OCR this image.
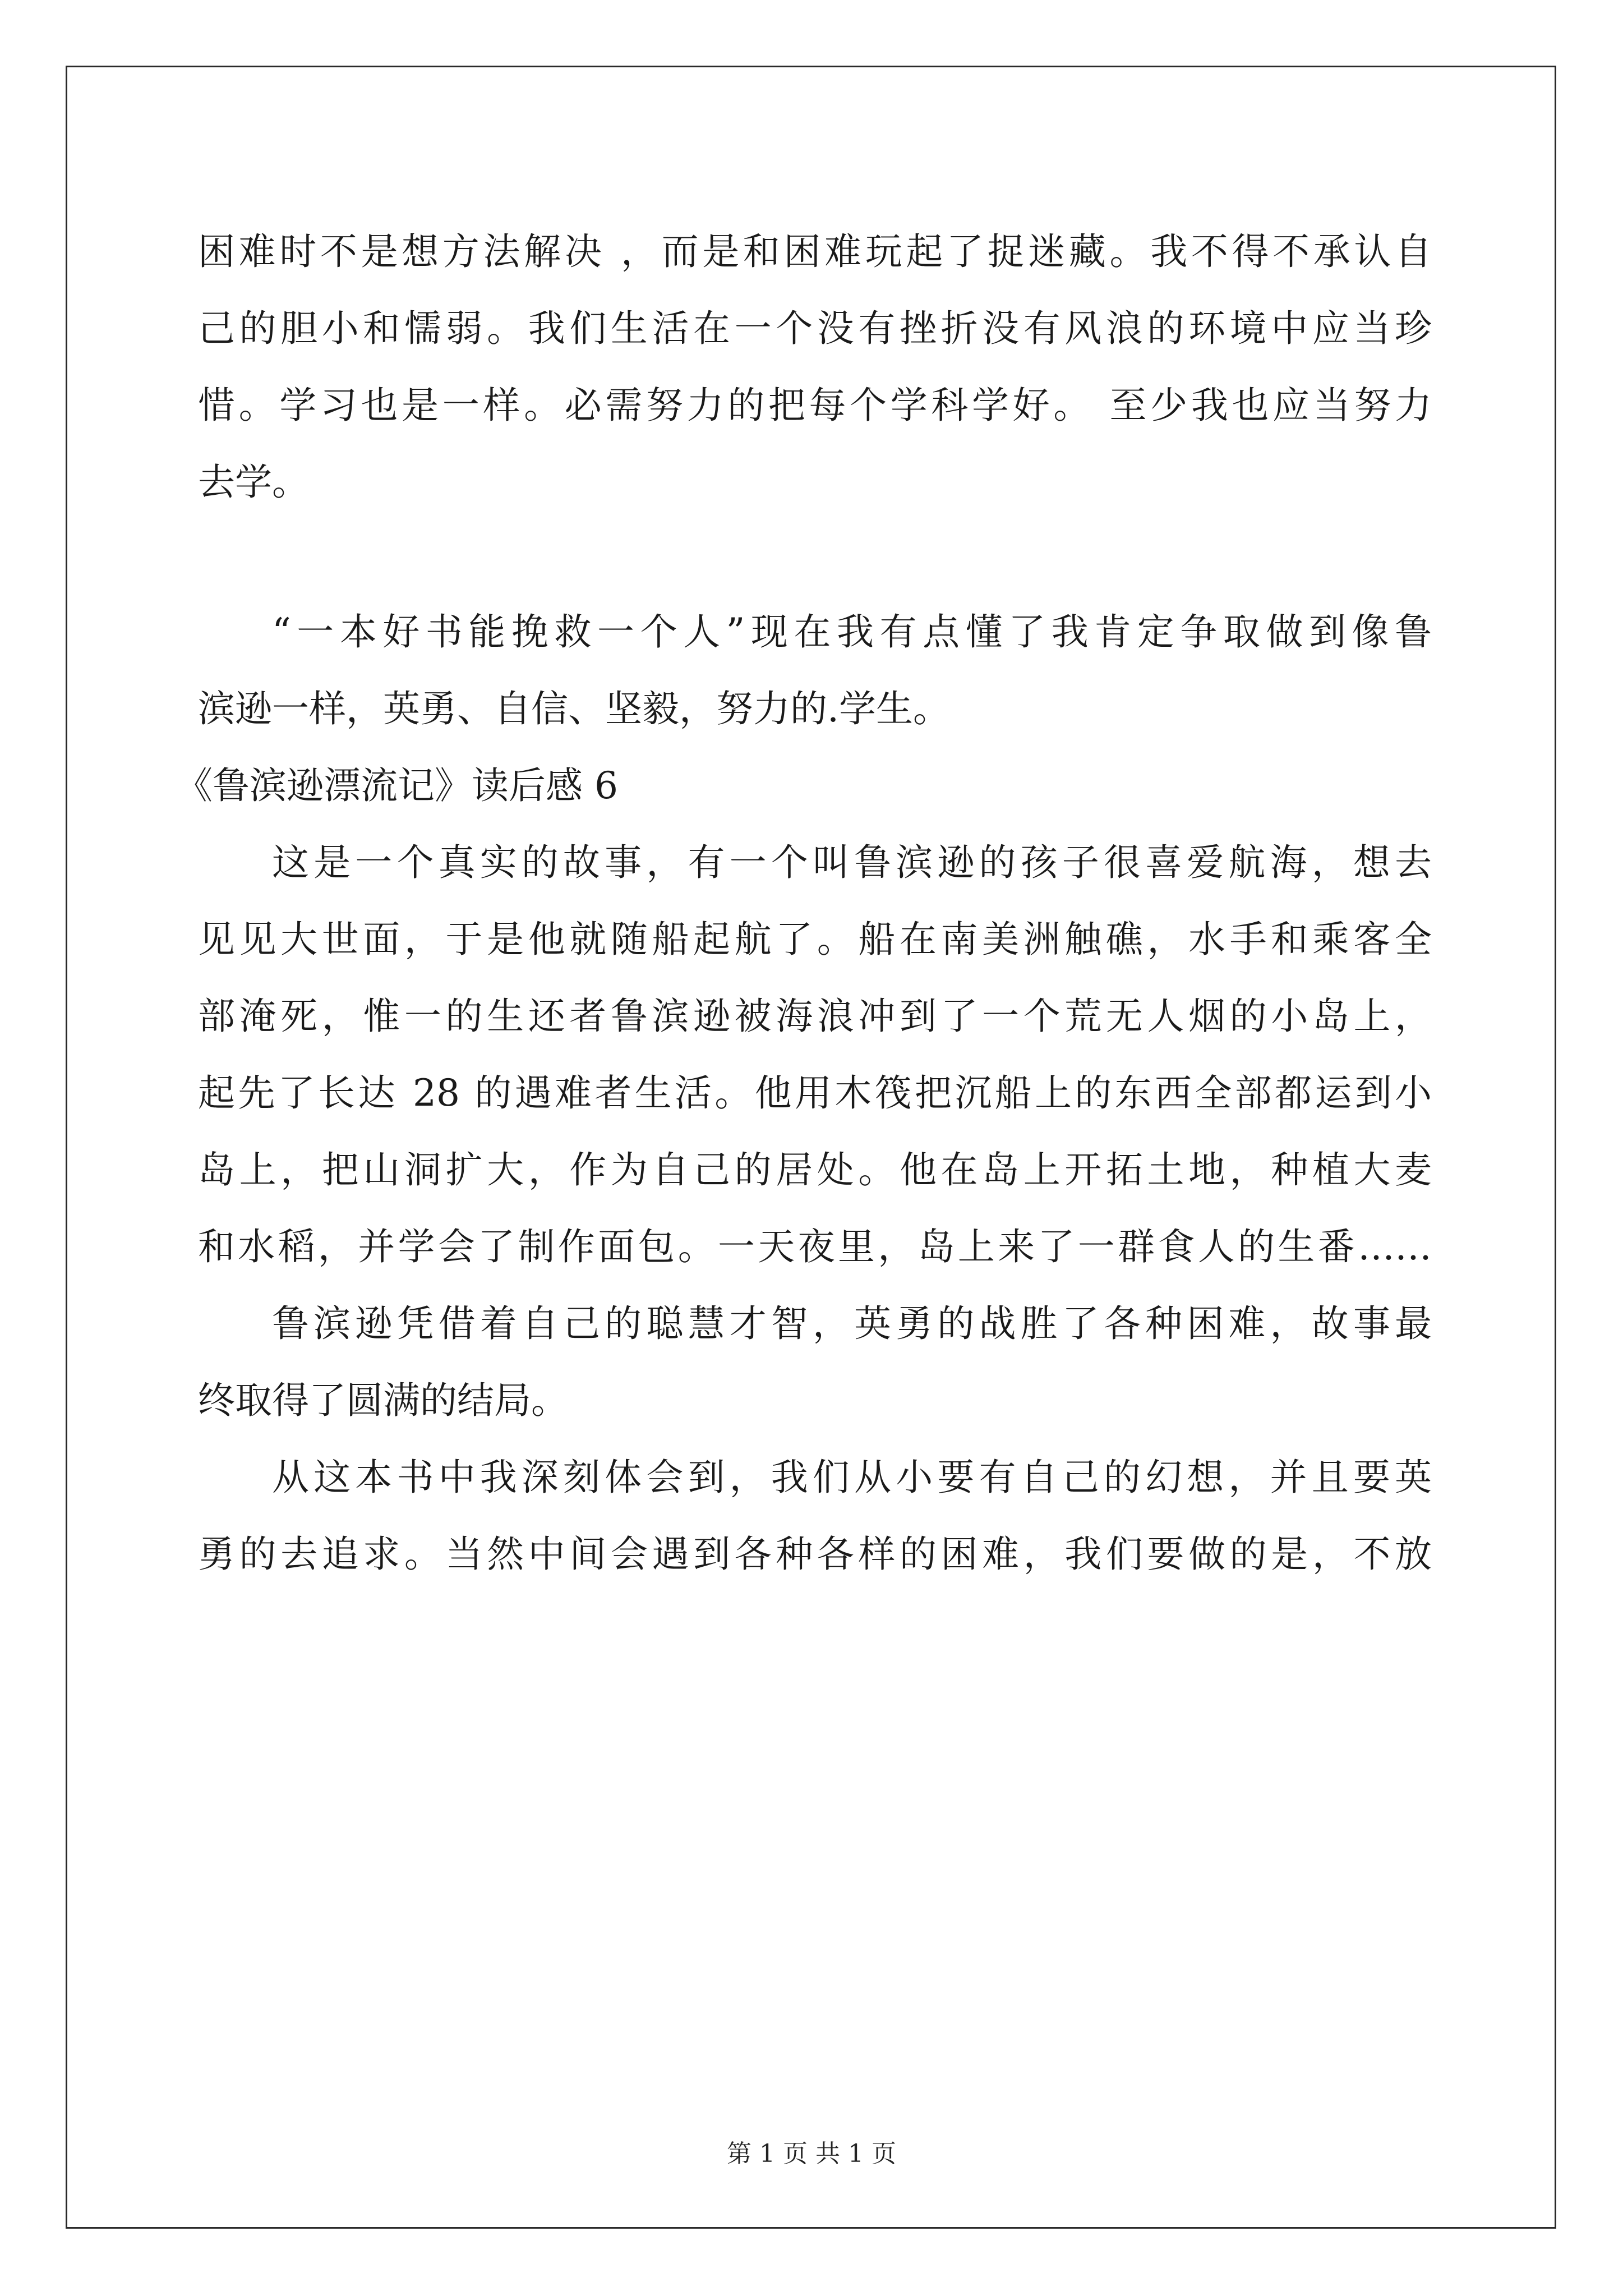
困难时不是想方法解决 ，而是和困难玩起了捉迷藏。我不得不承认自
己的胆小和懦弱。我们生活在一个没有挫折没有风浪的环境中应当珍
惜。学习也是一样。必需努力的把每个学科学好。 至少我也应当努力
去学。
“一本好书能挽救一个人”现在我有点懂了我肯定争取做到像鲁
滨逊一样，英勇、自信、坚毅，努力的.学生。
《鲁滨逊漂流记》读后感 6
这是一个真实的故事，有一个叫鲁滨逊的孩子很喜爱航海，想去
见见大世面，于是他就随船起航了。船在南美洲触礁，水手和乘客全
部淹死，惟一的生还者鲁滨逊被海浪冲到了一个荒无人烟的小岛上，
起先了长达 28 的遇难者生活。他用木筏把沉船上的东西全部都运到小
岛上，把山洞扩大，作为自己的居处。他在岛上开拓土地，种植大麦
和水稻，并学会了制作面包。一天夜里，岛上来了一群食人的生番……
鲁滨逊凭借着自己的聪慧才智，英勇的战胜了各种困难，故事最
终取得了圆满的结局。
从这本书中我深刻体会到，我们从小要有自己的幻想，并且要英
勇的去追求。当然中间会遇到各种各样的困难，我们要做的是，不放
第 1 页 共 1 页
